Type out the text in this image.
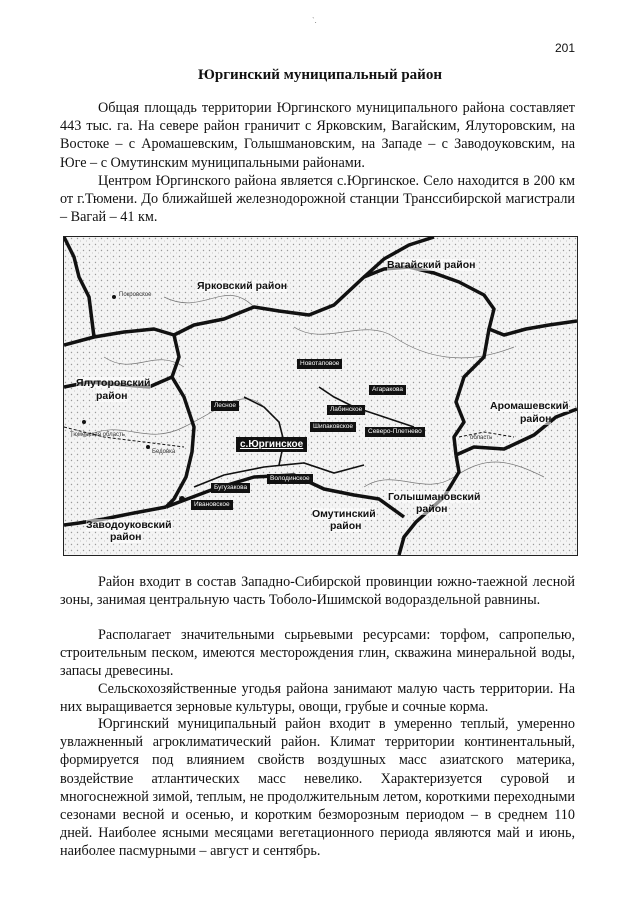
`.
201
Юргинский муниципальный район

Общая площадь территории Юргинского муниципального района составляет 443 тыс. га. На севере район граничит с Ярковским, Вагайским, Ялуторовским, на Востоке – с Аромашевским, Голышмановским, на Западе – с Заводоуковским, на Юге – с Омутинским муниципальными районами.

Центром Юргинского района является с.Юргинское. Село находится в 200 км от г.Тюмени. До ближайшей железнодорожной станции Транссибирской магистрали – Вагай – 41 км.

Вагайский район
Ярковский район
Ялуторовский
район
Аромашевский
район
Голышмановский
район
Омутинский
район
Заводоуковский
район
с.Юргинское
Новотаповое
Агаракова
Лесное
Лабинское
Шипаковское
Северо-Плетнево
Володинское
Бугузакова
Ивановское
Покровское
Тюменская область	область
Бедовка

Район входит в состав Западно-Сибирской провинции южно-таежной лесной зоны, занимая центральную часть Тоболо-Ишимской водораздельной равнины.

Располагает значительными сырьевыми ресурсами: торфом, сапропелью, строительным песком, имеются месторождения глин, скважина минеральной воды, запасы древесины.

Сельскохозяйственные угодья района занимают малую часть территории. На них выращивается зерновые культуры, овощи, грубые и сочные корма.

Юргинский муниципальный район входит в умеренно теплый, умеренно увлажненный агроклиматический район. Климат территории континентальный, формируется под влиянием свойств воздушных масс азиатского материка, воздействие атлантических масс невелико. Характеризуется суровой и многоснежной зимой, теплым, не продолжительным летом, короткими переходными сезонами весной и осенью, и коротким безморозным периодом – в среднем 110 дней. Наиболее ясными месяцами вегетационного периода являются май и июнь, наиболее пасмурными – август и сентябрь.
